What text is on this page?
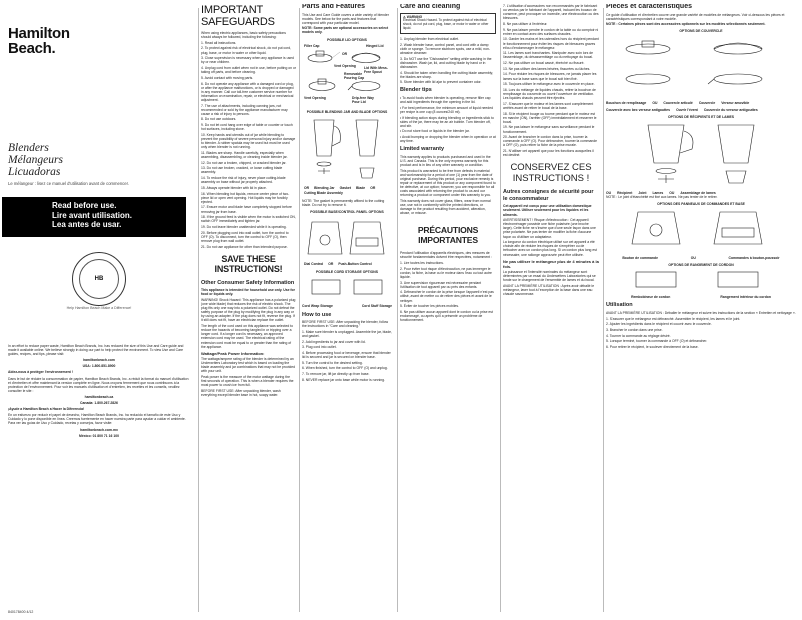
Hamilton
Beach.
Blenders
Mélangeurs
Licuadoras
Le mélangeur : lisez ce manuel d'utilisation avant de commencer.
Read before use.
Lire avant utilisation.
Lea antes de usar.
HB
Help Hamilton Beach Make a Difference!

In an effort to reduce paper waste, Hamilton Beach Brands, Inc. has reduced the size of this Use and Care guide and made it available online. We believe strongly in doing our part to help protect the environment. To view Use and Care guides, recipes, and tips, please visit:

hamiltonbeach.com

USA: 1.800.851.8900

Aidez-nous à protéger l'environnement !

Dans le but de réduire la consommation de papier, Hamilton Beach Brands, Inc. a réduit la format du manuel d'utilisation et d'entretien et offre maintenant la version complète en ligne. Nous croyons fermement que nous contribuons à la protection de l'environnement. Pour voir les manuels d'utilisation et d'entretien, les recettes et les conseils, veuillez consulter le site :

hamiltonbeach.ca

Canada: 1.800.267.2826

¡Ayude a Hamilton Beach a Hacer la Diferencia!

En un esfuerzo por reducir el papel de desecho, Hamilton Beach Brands, Inc. ha reducido el tamaño de este Uso y Cuidado y lo pone disponible en línea. Creemos fuertemente en hacer nuestra parte para ayudar a cuidar el ambiente. Para ver las guías de Uso y Cuidado, recetas y consejos, favor visite:

hamiltonbeach.com.mx

México: 01 800 71 16 100

840178400 4/12
IMPORTANT SAFEGUARDS

When using electric appliances, basic safety precautions should always be followed, including the following:

1. Read all instructions.

2. To protect against risk of electrical shock, do not put cord, plug, base, or motor in water or other liquid.

3. Close supervision is necessary when any appliance is used by or near children.

4. Unplug cord from outlet when not in use, before putting on or taking off parts, and before cleaning.

5. Avoid contact with moving parts.

6. Do not operate any appliance with a damaged cord or plug, or after the appliance malfunctions, or is dropped or damaged in any manner. Call our toll-free customer service number for information on examination, repair, or electrical or mechanical adjustment.

7. The use of attachments, including canning jars, not recommended or sold by the appliance manufacturer may cause a risk of injury to persons.

8. Do not use outdoors.

9. Do not let cord hang over edge of table or counter or touch hot surfaces, including stove.

10. Keep hands and utensils out of jar while blending to prevent the possibility of severe personal injury and/or damage to blender. A rubber spatula may be used but must be used only when blender is not running.

11. Blades are sharp. Handle carefully, especially when assembling, disassembling, or cleaning inside blender jar.

12. Do not use a broken, chipped, or cracked blender jar.

13. Do not use broken, cracked, or loose cutting blade assembly.

14. To reduce the risk of injury, never place cutting-blade assembly on base without jar properly attached.

15. Always operate blender with lid in place.

16. When blending hot liquids, remove center piece of two-piece lid or open vent opening. Hot liquids may be forcibly ejected.

17. Ensure motor and blade have completely stopped before removing jar from base.

18. If the ground feed is visible when the motor is switched ON, switch OFF immediately and tighten jar.

19. Do not leave blender unattended while it is operating.

20. Before plugging cord into wall outlet, turn the control to OFF (O). To disconnect, turn the control to OFF (O), then remove plug from wall outlet.

21. Do not use appliance for other than intended purpose.

SAVE THESE INSTRUCTIONS!
Other Consumer Safety Information

This appliance is intended for household use only. Use for food or liquids only.

WARNING! Shock Hazard: This appliance has a polarized plug (one wide blade) that reduces the risk of electric shock. The plug fits only one way into a polarized outlet. Do not defeat the safety purpose of the plug by modifying the plug in any way or by using an adapter. If the plug does not fit, reverse the plug. If it still does not fit, have an electrician replace the outlet.

The length of the cord used on this appliance was selected to reduce the hazards of becoming tangled in or tripping over a longer cord. If a longer cord is necessary, an approved extension cord may be used. The electrical rating of the extension cord must be equal to or greater than the rating of the appliance.

Wattage/Peak Power Information:

The wattage/ampere rating of the blender is determined by an Underwriters Laboratory test which is based on loading the blade assembly and jar combinations that may not be provided with your unit.

Peak power is the measure of the motor wattage during the first seconds of operation. This is when a blender requires the most power to crush ice from full.

BEFORE FIRST USE: After unpacking blender, wash everything except blender base in hot, soapy water.

Parts and Features

This Use and Care Guide covers a wide variety of blender models. See below for the parts and features that correspond with your particular model.

NOTE: Some parts are optional accessories on select models only.

POSSIBLE LID OPTIONS
Filler Cap
OR
Hinged Lid
Vent Opening
Removable Pouring Cap
Lid With Mess-Free Spout
Vent Opening	Drip-free Way Pour Lid
POSSIBLE BLENDING JAR AND BLADE OPTIONS
OR Blending Jar Gasket Blade OR
Cutting Blade Assembly

NOTE: The gasket is permanently affixed to the cutting blade. Do not try to remove it.

POSSIBLE BASE/CONTROL PANEL OPTIONS
Dial Control OR Push-Button Control
POSSIBLE CORD STORAGE OPTIONS
Cord Wrap Storage	Cord Stuff Storage
How to use

BEFORE FIRST USE: After unpacking the blender, follow the instructions in "Care and cleaning."

1. Make sure blender is unplugged. Assemble the jar, blade, and gasket.

2. Add ingredients to jar and cover with lid.

3. Plug cord into outlet.

4. Before processing food or beverage, ensure that blender lid is secured and jar is secured on blender base.

5. Turn the control to the desired setting.

6. When finished, turn the control to OFF (O) and unplug.

7. To remove jar, lift jar directly up from base.

8. NEVER replace jar onto base while motor is running.

Care and cleaning
⚠ WARNING
Electrical Shock Hazard. To protect against risk of electrical shock, do not put cord, plug, base, or motor in water or other liquid.

1. Unplug blender from electrical outlet.

2. Wash blender base, control panel, and cord with a damp cloth or sponge. To remove stubborn spots, use a mild, non-abrasive cleanser.

3. Do NOT use the "Dishwasher" setting while washing in the dishwasher. Wash jar, lid, and cutting blade by hand or in dishwasher.

4. Should be taken when handling the cutting blade assembly; the blades are sharp.

5. Store blender with lid ajar to prevent container odor.

Blender tips

• To avoid foods when blender is operating, remove filler cap and add ingredients through the opening in the lid.

• For best performance, the minimum amount of liquid needed per recipe is one cup (8 ounces/240 ml).

• If blending action stops during blending or ingredients stick to sides of the jar, there may be an air bubble. Turn blender off, and stir.

• Do not store food or liquids in the blender jar.

• Avoid bumping or dropping the blender when in operation or at any time.

Limited warranty

This warranty applies to products purchased and used in the U.S. and Canada. This is the only express warranty for this product and is in lieu of any other warranty or condition.

This product is warranted to be free from defects in material and workmanship for a period of one (1) year from the date of original purchase. During this period, your exclusive remedy is repair or replacement of this product or any component found to be defective, at our option; however, you are responsible for all costs associated with returning the product to us and our returning a product or component under this warranty to you.

This warranty does not cover glass, filters, wear from normal use, use not in conformity with the printed directions, or damage to the product resulting from accident, alteration, abuse, or misuse.

PRÉCAUTIONS IMPORTANTES

Pendant l'utilisation d'appareils électriques, des mesures de sécurité fondamentales doivent être respectées, notamment :

1. Lire toutes les instructions.

2. Pour éviter tout risque d'électrocution, ne pas immerger le cordon, la fiche, la base ou le moteur dans l'eau ou tout autre liquide.

3. Une supervision rigoureuse est nécessaire pendant l'utilisation de tout appareil par ou près des enfants.

4. Débrancher le cordon de la prise lorsque l'appareil n'est pas utilisé, avant de mettre ou de retirer des pièces et avant de le nettoyer.

5. Éviter de toucher les pièces mobiles.

6. Ne pas utiliser aucun appareil dont le cordon ou la prise est endommagé, ou après qu'il a présenté un problème de fonctionnement.

7. L'utilisation d'accessoires non recommandés par le fabricant ou vendus par le fabricant de l'appareil, incluant les bocaux de conserve, peut provoquer un incendie, une électrocution ou des blessures.

8. Ne pas utiliser à l'extérieur.

9. Ne pas laisser pendre le cordon de la table ou du comptoir ni entrer en contact avec des surfaces chaudes.

10. Garder les mains et les ustensiles hors du récipient pendant le fonctionnement pour éviter les risques de blessures graves et/ou d'endommager le mélangeur.

11. Les lames sont tranchantes. Manipuler avec soin lors de l'assemblage, du désassemblage ou du nettoyage du bocal.

12. Ne pas utiliser un bocal cassé, ébréché ou fissuré.

13. Ne pas utiliser des lames brisées, fissurées ou lâches.

14. Pour réduire les risques de blessures, ne jamais placer les lames sur la base sans que le bocal soit bien fixé.

15. Toujours utiliser le mélangeur avec le couvercle en place.

16. Lors du mélange de liquides chauds, retirer la bouchon de remplissage du couvercle ou ouvrir l'ouverture de ventilation. Les liquides chauds peuvent être éjectés.

17. S'assurer que le moteur et les lames sont complètement arrêtés avant de retirer le bocal de la base.

18. Si le récipient bouge ou tourne pendant que le moteur est en marche (ON), l'arrêter (OFF) immédiatement et resserrer le bocal.

19. Ne pas laisser le mélangeur sans surveillance pendant le fonctionnement.

20. Avant de brancher le cordon dans la prise, tourner la commande à OFF (O). Pour débrancher, tourner la commande à OFF (O), puis retirer la fiche de la prise murale.

21. N'utiliser cet appareil que pour les fonctions auxquelles il est destiné.

CONSERVEZ CES INSTRUCTIONS !
Autres consignes de sécurité pour le consommateur

Cet appareil est conçu pour une utilisation domestique seulement. Utiliser seulement pour les liquides et les aliments.

AVERTISSEMENT ! Risque d'électrocution : Cet appareil électroménager possède une fiche polarisée (une broche large). Cette fiche ne s'insère que d'une seule façon dans une prise polarisée. Ne pas tenter de modifier la fiche d'aucune façon ou d'utiliser un adaptateur.

La longueur du cordon électrique utilisé sur cet appareil a été choisie afin de réduire les risques de s'empêtrer ou de trébucher avec un cordon plus long. Si un cordon plus long est nécessaire, une rallonge approuvée peut être utilisée.

Ne pas utiliser le mélangeur plus de 4 minutes à la fois.

La puissance et l'intensité nominales du mélangeur sont déterminées par un essai du Underwriters Laboratories qui se fonde sur le chargement de l'ensemble de lames et du bocal.

AVANT LA PREMIÈRE UTILISATION : Après avoir déballé le mélangeur, laver tout à l'exception de la base dans une eau chaude savonneuse.

Pièces et caractéristiques

Ce guide d'utilisation et d'entretien couvre une grande variété de modèles de mélangeurs. Voir ci-dessous les pièces et caractéristiques correspondant à votre modèle.

NOTE : Certaines pièces sont des accessoires optionnels sur les modèles sélectionnés seulement.

OPTIONS DE COUVERCLE
Bouchon de remplissage OU Couvercle articulé Couvercle Verseur amovible
Couvercle avec bec verseur antigouttes Ouvrir l'évent Couvercle du verseur antigouttes
OPTIONS DE RÉCIPIENTS ET DE LAMES
OU Récipient Joint Lames OU Assemblage de lames

NOTE : Le joint d'étanchéité est fixé aux lames. Ne pas tenter de le retirer.

OPTIONS DES PANNEAUX DE COMMANDES ET BASE
Bouton de commande	OU	Commandes à bouton-poussoir
OPTIONS DE RANGEMENT DE CORDON
Rembobineur de cordon	Rangement intérieur du cordon
Utilisation

AVANT LA PREMIÈRE UTILISATION : Déballer le mélangeur et suivre les instructions de la section « Entretien et nettoyage ».

1. S'assurer que le mélangeur est débranché. Assembler le récipient, les lames et le joint.

2. Ajouter les ingrédients dans le récipient et couvrir avec le couvercle.

3. Brancher le cordon dans une prise.

4. Tourner la commande au réglage désiré.

5. Lorsque terminé, tourner la commande à OFF (O) et débrancher.

6. Pour retirer le récipient, le soulever directement de la base.
